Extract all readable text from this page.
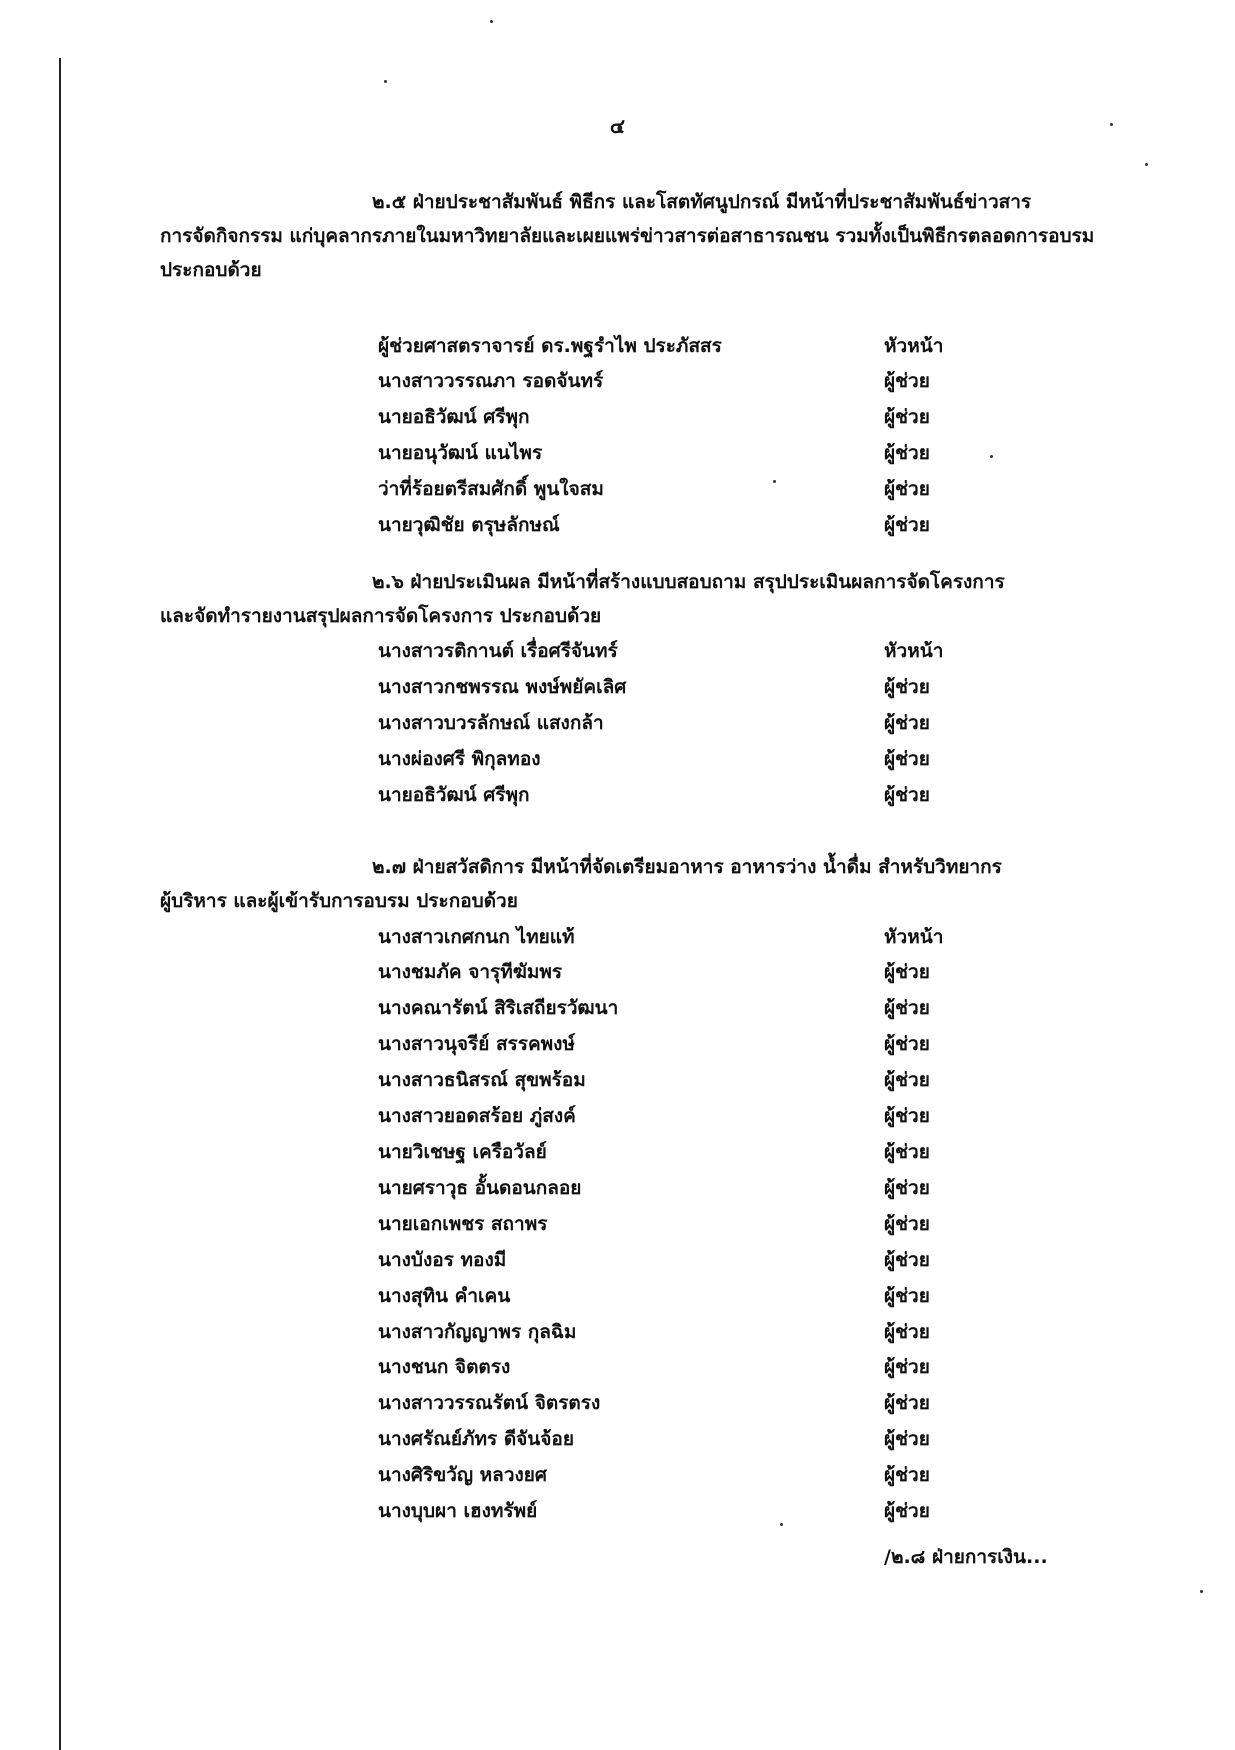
๔
๒.๕ ฝ่ายประชาสัมพันธ์ พิธีกร และโสตทัศนูปกรณ์ มีหน้าที่ประชาสัมพันธ์ข่าวสาร
การจัดกิจกรรม แก่บุคลากรภายในมหาวิทยาลัยและเผยแพร่ข่าวสารต่อสาธารณชน รวมทั้งเป็นพิธีกรตลอดการอบรม
ประกอบด้วย
ผู้ช่วยศาสตราจารย์ ดร.พฐรำไพ ประภัสสร	หัวหน้า
นางสาววรรณภา รอดจันทร์	ผู้ช่วย
นายอธิวัฒน์ ศรีพุก	ผู้ช่วย
นายอนุวัฒน์ แนไพร	ผู้ช่วย
ว่าที่ร้อยตรีสมศักดิ์ พูนใจสม	ผู้ช่วย
นายวุฒิชัย ตรุษลักษณ์	ผู้ช่วย
๒.๖ ฝ่ายประเมินผล มีหน้าที่สร้างแบบสอบถาม สรุปประเมินผลการจัดโครงการ
และจัดทำรายงานสรุปผลการจัดโครงการ ประกอบด้วย
นางสาวรติกานต์ เรื่อศรีจันทร์	หัวหน้า
นางสาวกชพรรณ พงษ์พยัคเลิศ	ผู้ช่วย
นางสาวบวรลักษณ์ แสงกล้า	ผู้ช่วย
นางผ่องศรี พิกุลทอง	ผู้ช่วย
นายอธิวัฒน์ ศรีพุก	ผู้ช่วย
๒.๗ ฝ่ายสวัสดิการ มีหน้าที่จัดเตรียมอาหาร อาหารว่าง น้ำดื่ม สำหรับวิทยากร
ผู้บริหาร และผู้เข้ารับการอบรม ประกอบด้วย
นางสาวเกศกนก ไทยแท้	หัวหน้า
นางชมภัค จารุทีฆัมพร	ผู้ช่วย
นางคณารัตน์ สิริเสถียรวัฒนา	ผู้ช่วย
นางสาวนุจรีย์ สรรคพงษ์	ผู้ช่วย
นางสาวธนิสรณ์ สุขพร้อม	ผู้ช่วย
นางสาวยอดสร้อย ภู่สงค์	ผู้ช่วย
นายวิเชษฐ เครือวัลย์	ผู้ช่วย
นายศราวุธ อั้นดอนกลอย	ผู้ช่วย
นายเอกเพชร สถาพร	ผู้ช่วย
นางบังอร ทองมี	ผู้ช่วย
นางสุทิน คำเคน	ผู้ช่วย
นางสาวกัญญาพร กุลฉิม	ผู้ช่วย
นางชนก จิตตรง	ผู้ช่วย
นางสาววรรณรัตน์ จิตรตรง	ผู้ช่วย
นางศรัณย์ภัทร ดีจันจ้อย	ผู้ช่วย
นางศิริขวัญ หลวงยศ	ผู้ช่วย
นางบุบผา เฮงทรัพย์	ผู้ช่วย
/๒.๘ ฝ่ายการเงิน...
